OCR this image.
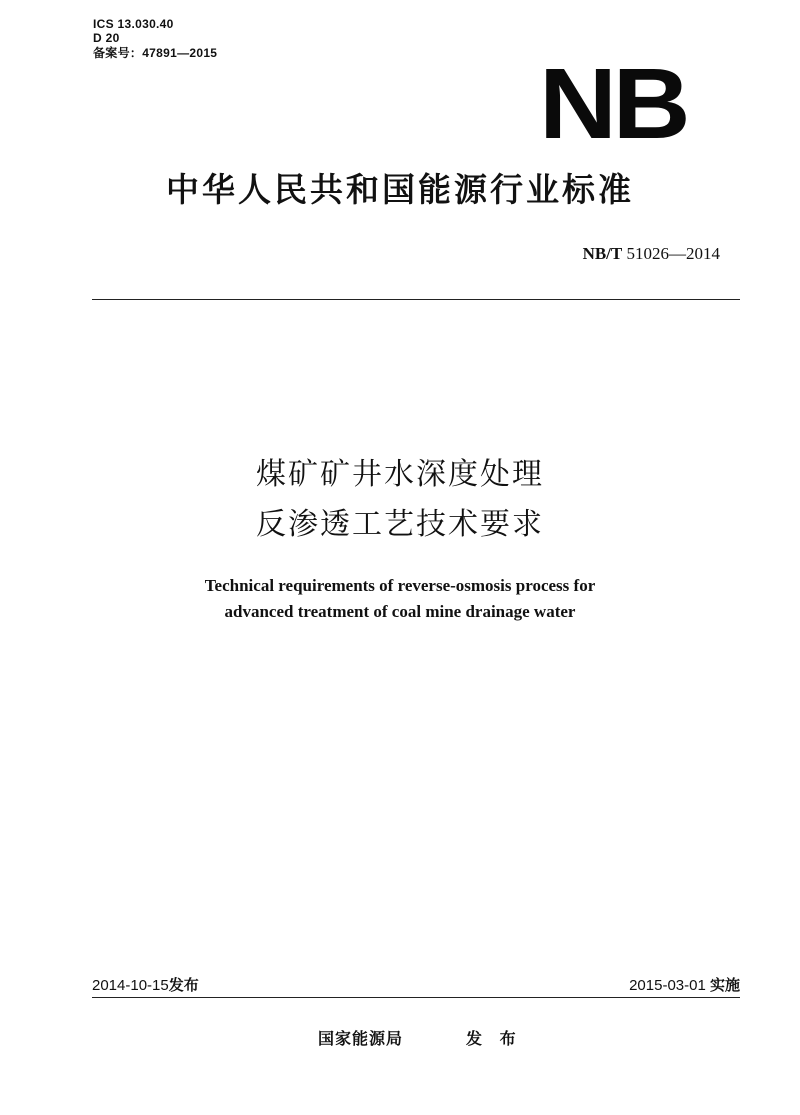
ICS 13.030.40
D 20
备案号：47891—2015	NB
中华人民共和国能源行业标准
NB/T 51026—2014
煤矿矿井水深度处理
反渗透工艺技术要求
Technical requirements of reverse-osmosis process for
advanced treatment of coal mine drainage water
2014-10-15发布	2015-03-01 实施
国家能源局	发 布
